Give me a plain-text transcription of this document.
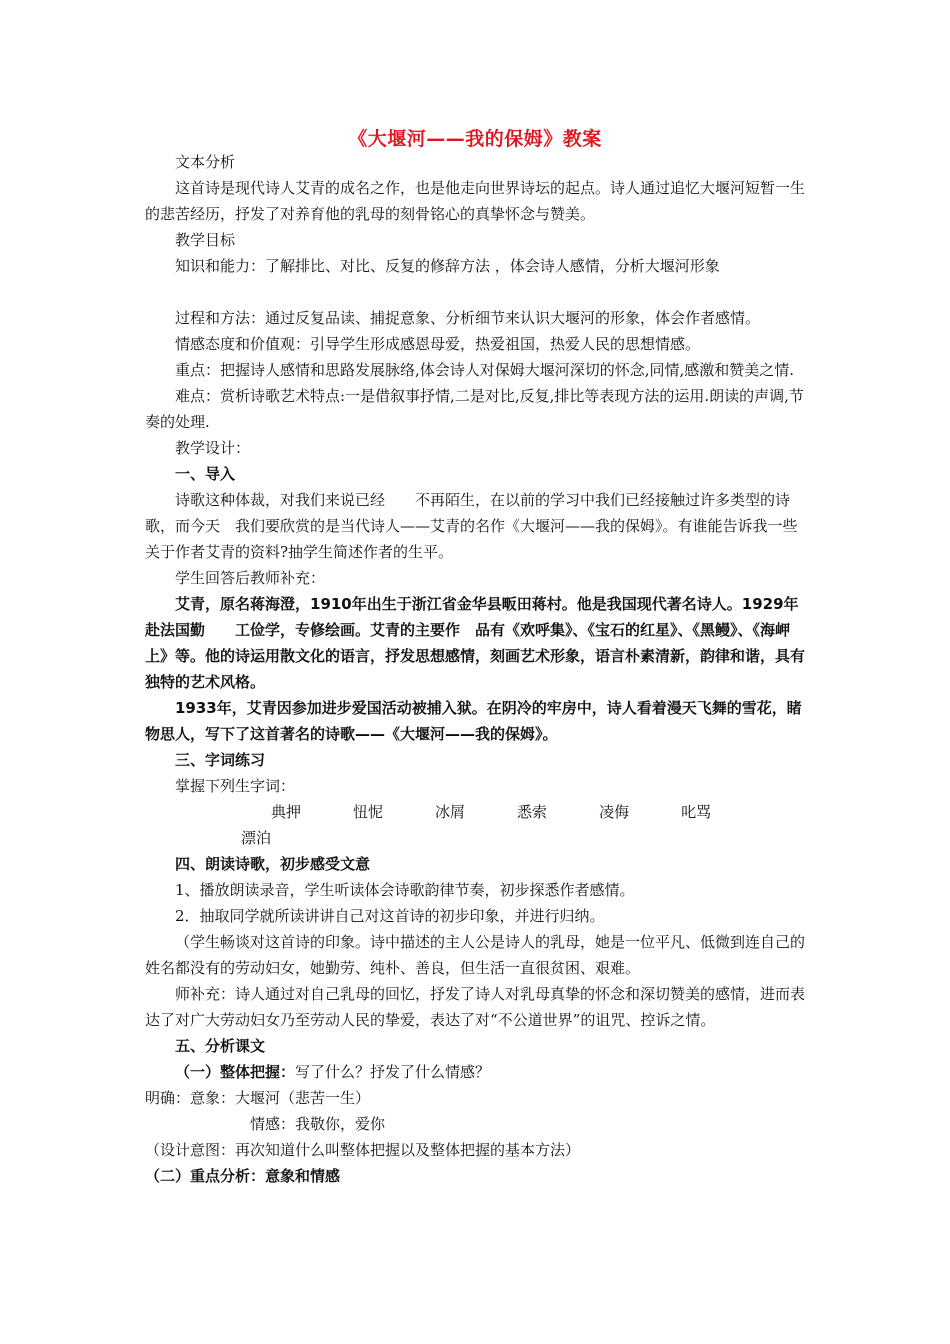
《大堰河——我的保姆》教案

文本分析

这首诗是现代诗人艾青的成名之作，也是他走向世界诗坛的起点。诗人通过追忆大堰河短暂一生的悲苦经历，抒发了对养育他的乳母的刻骨铭心的真挚怀念与赞美。

教学目标

知识和能力：了解排比、对比、反复的修辞方法 ，体会诗人感情，分析大堰河形象

过程和方法：通过反复品读、捕捉意象、分析细节来认识大堰河的形象，体会作者感情。

情感态度和价值观：引导学生形成感恩母爱，热爱祖国，热爱人民的思想情感。

重点：把握诗人感情和思路发展脉络,体会诗人对保姆大堰河深切的怀念,同情,感激和赞美之情.

难点：赏析诗歌艺术特点:一是借叙事抒情,二是对比,反复,排比等表现方法的运用.朗读的声调,节奏的处理.

教学设计：

一、导入

诗歌这种体裁，对我们来说已经　　不再陌生，在以前的学习中我们已经接触过许多类型的诗歌，而今天　我们要欣赏的是当代诗人——艾青的名作《大堰河——我的保姆》。有谁能告诉我一些关于作者艾青的资料?抽学生简述作者的生平。

学生回答后教师补充：

艾青，原名蒋海澄，1910年出生于浙江省金华县畈田蒋村。他是我国现代著名诗人。1929年赴法国勤　　工俭学，专修绘画。艾青的主要作　品有《欢呼集》、《宝石的红星》、《黑鳗》、《海岬上》等。他的诗运用散文化的语言，抒发思想感情，刻画艺术形象，语言朴素清新，韵律和谐，具有独特的艺术风格。

1933年，艾青因参加进步爱国活动被捕入狱。在阴冷的牢房中，诗人看着漫天飞舞的雪花，睹物思人，写下了这首著名的诗歌——《大堰河——我的保姆》。

三、字词练习

掌握下列生字词：

典押	忸怩	冰屑	悉索	凌侮	叱骂漂泊

四、朗读诗歌，初步感受文意

1、播放朗读录音，学生听读体会诗歌韵律节奏，初步探悉作者感情。

2．抽取同学就所读讲讲自己对这首诗的初步印象，并进行归纳。

（学生畅谈对这首诗的印象。诗中描述的主人公是诗人的乳母，她是一位平凡、低微到连自己的姓名都没有的劳动妇女，她勤劳、纯朴、善良，但生活一直很贫困、艰难。

师补充：诗人通过对自己乳母的回忆，抒发了诗人对乳母真挚的怀念和深切赞美的感情，进而表达了对广大劳动妇女乃至劳动人民的挚爱，表达了对“不公道世界”的诅咒、控诉之情。

五、分析课文

（一）整体把握：写了什么？抒发了什么情感？

明确：意象：大堰河（悲苦一生）

情感：我敬你，爱你

（设计意图：再次知道什么叫整体把握以及整体把握的基本方法）

（二）重点分析：意象和情感
